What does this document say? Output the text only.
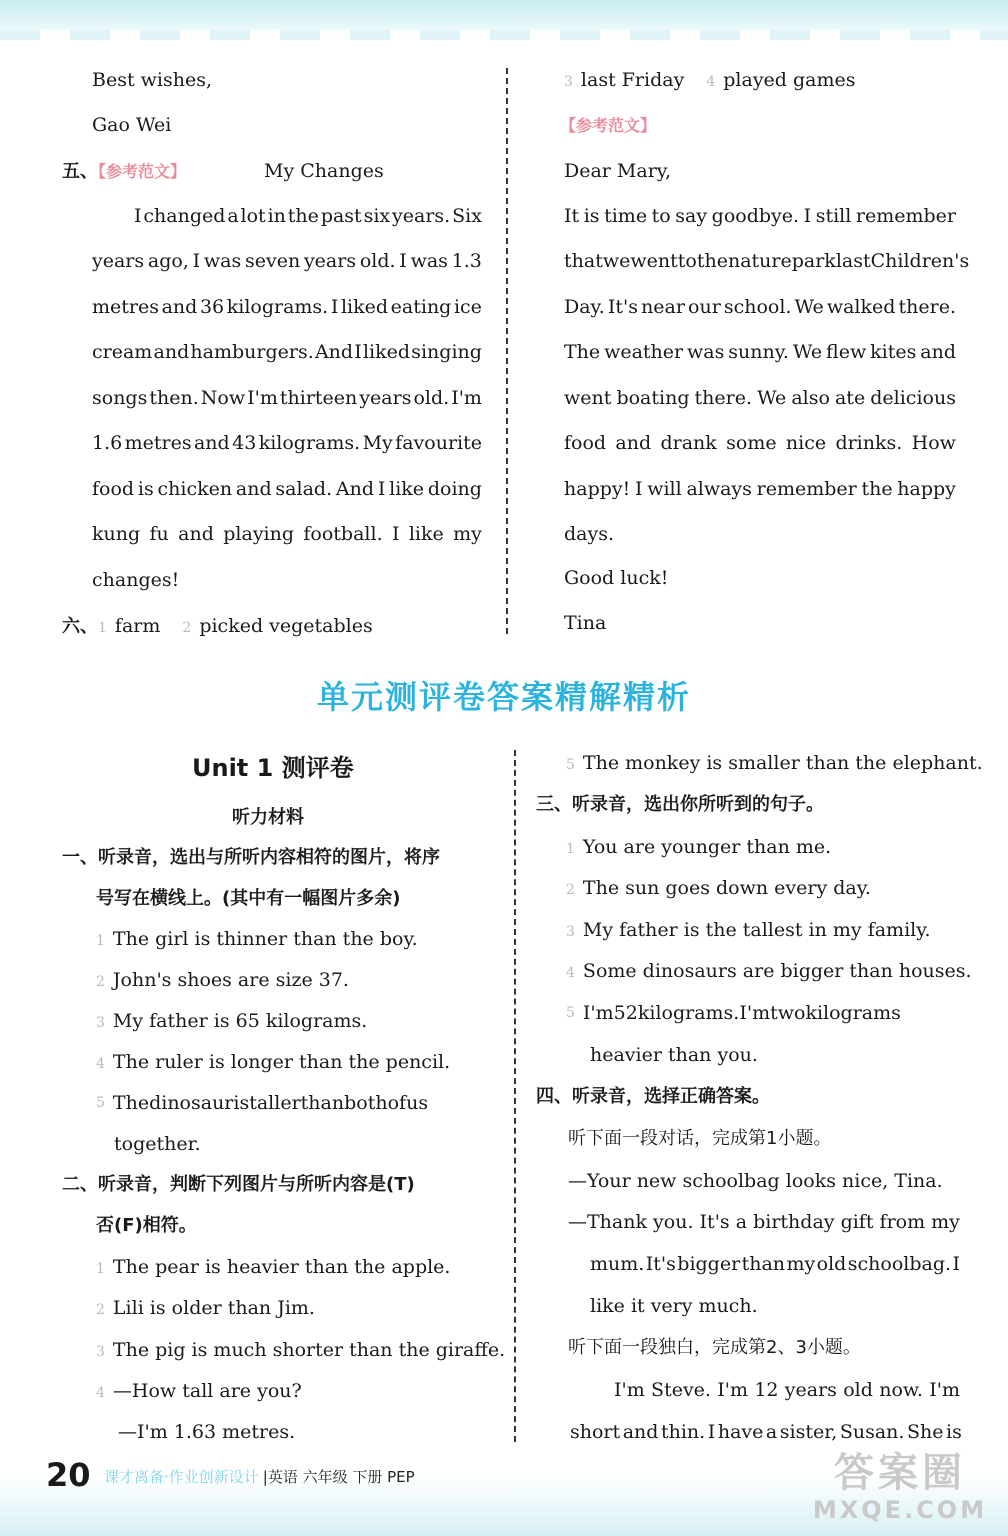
Best wishes,
Gao Wei
五、【参考范文】	My Changes
I changed a lot in the past six years. Six
years ago, I was seven years old. I was 1.3
metres and 36 kilograms. I liked eating ice
cream and hamburgers. And I liked singing
songs then. Now I'm thirteen years old. I'm
1.6 metres and 43 kilograms. My favourite
food is chicken and salad. And I like doing
kung fu and playing football. I like my
changes!
六、1 farm 2 picked vegetables
3 last Friday 4 played games
【参考范文】
Dear Mary,
It is time to say goodbye. I still remember
that we went to the nature park last Children's
Day. It's near our school. We walked there.
The weather was sunny. We flew kites and
went boating there. We also ate delicious
food and drank some nice drinks. How
happy! I will always remember the happy
days.
Good luck!
Tina
单元测评卷答案精解精析
Unit 1 测评卷
听力材料
一、听录音，选出与所听内容相符的图片，将序
号写在横线上。(其中有一幅图片多余)
1 The girl is thinner than the boy.
2 John's shoes are size 37.
3 My father is 65 kilograms.
4 The ruler is longer than the pencil.
5 Thedinosauristallerthanbothofus
together.
二、听录音，判断下列图片与所听内容是(T)
否(F)相符。
1 The pear is heavier than the apple.
2 Lili is older than Jim.
3 The pig is much shorter than the giraffe.
4 —How tall are you?
—I'm 1.63 metres.
5 The monkey is smaller than the elephant.
三、听录音，选出你所听到的句子。
1 You are younger than me.
2 The sun goes down every day.
3 My father is the tallest in my family.
4 Some dinosaurs are bigger than houses.
5 I'm52kilograms.I'mtwokilograms
heavier than you.
四、听录音，选择正确答案。
听下面一段对话，完成第1小题。
—Your new schoolbag looks nice, Tina.
—Thank you. It's a birthday gift from my
mum. It's bigger than my old schoolbag. I
like it very much.
听下面一段独白，完成第2、3小题。
I'm Steve. I'm 12 years old now. I'm
short and thin. I have a sister, Susan. She is
20 课才离备·作业创新设计 |英语 六年级 下册 PEP	答案圈
MXQE.COM
